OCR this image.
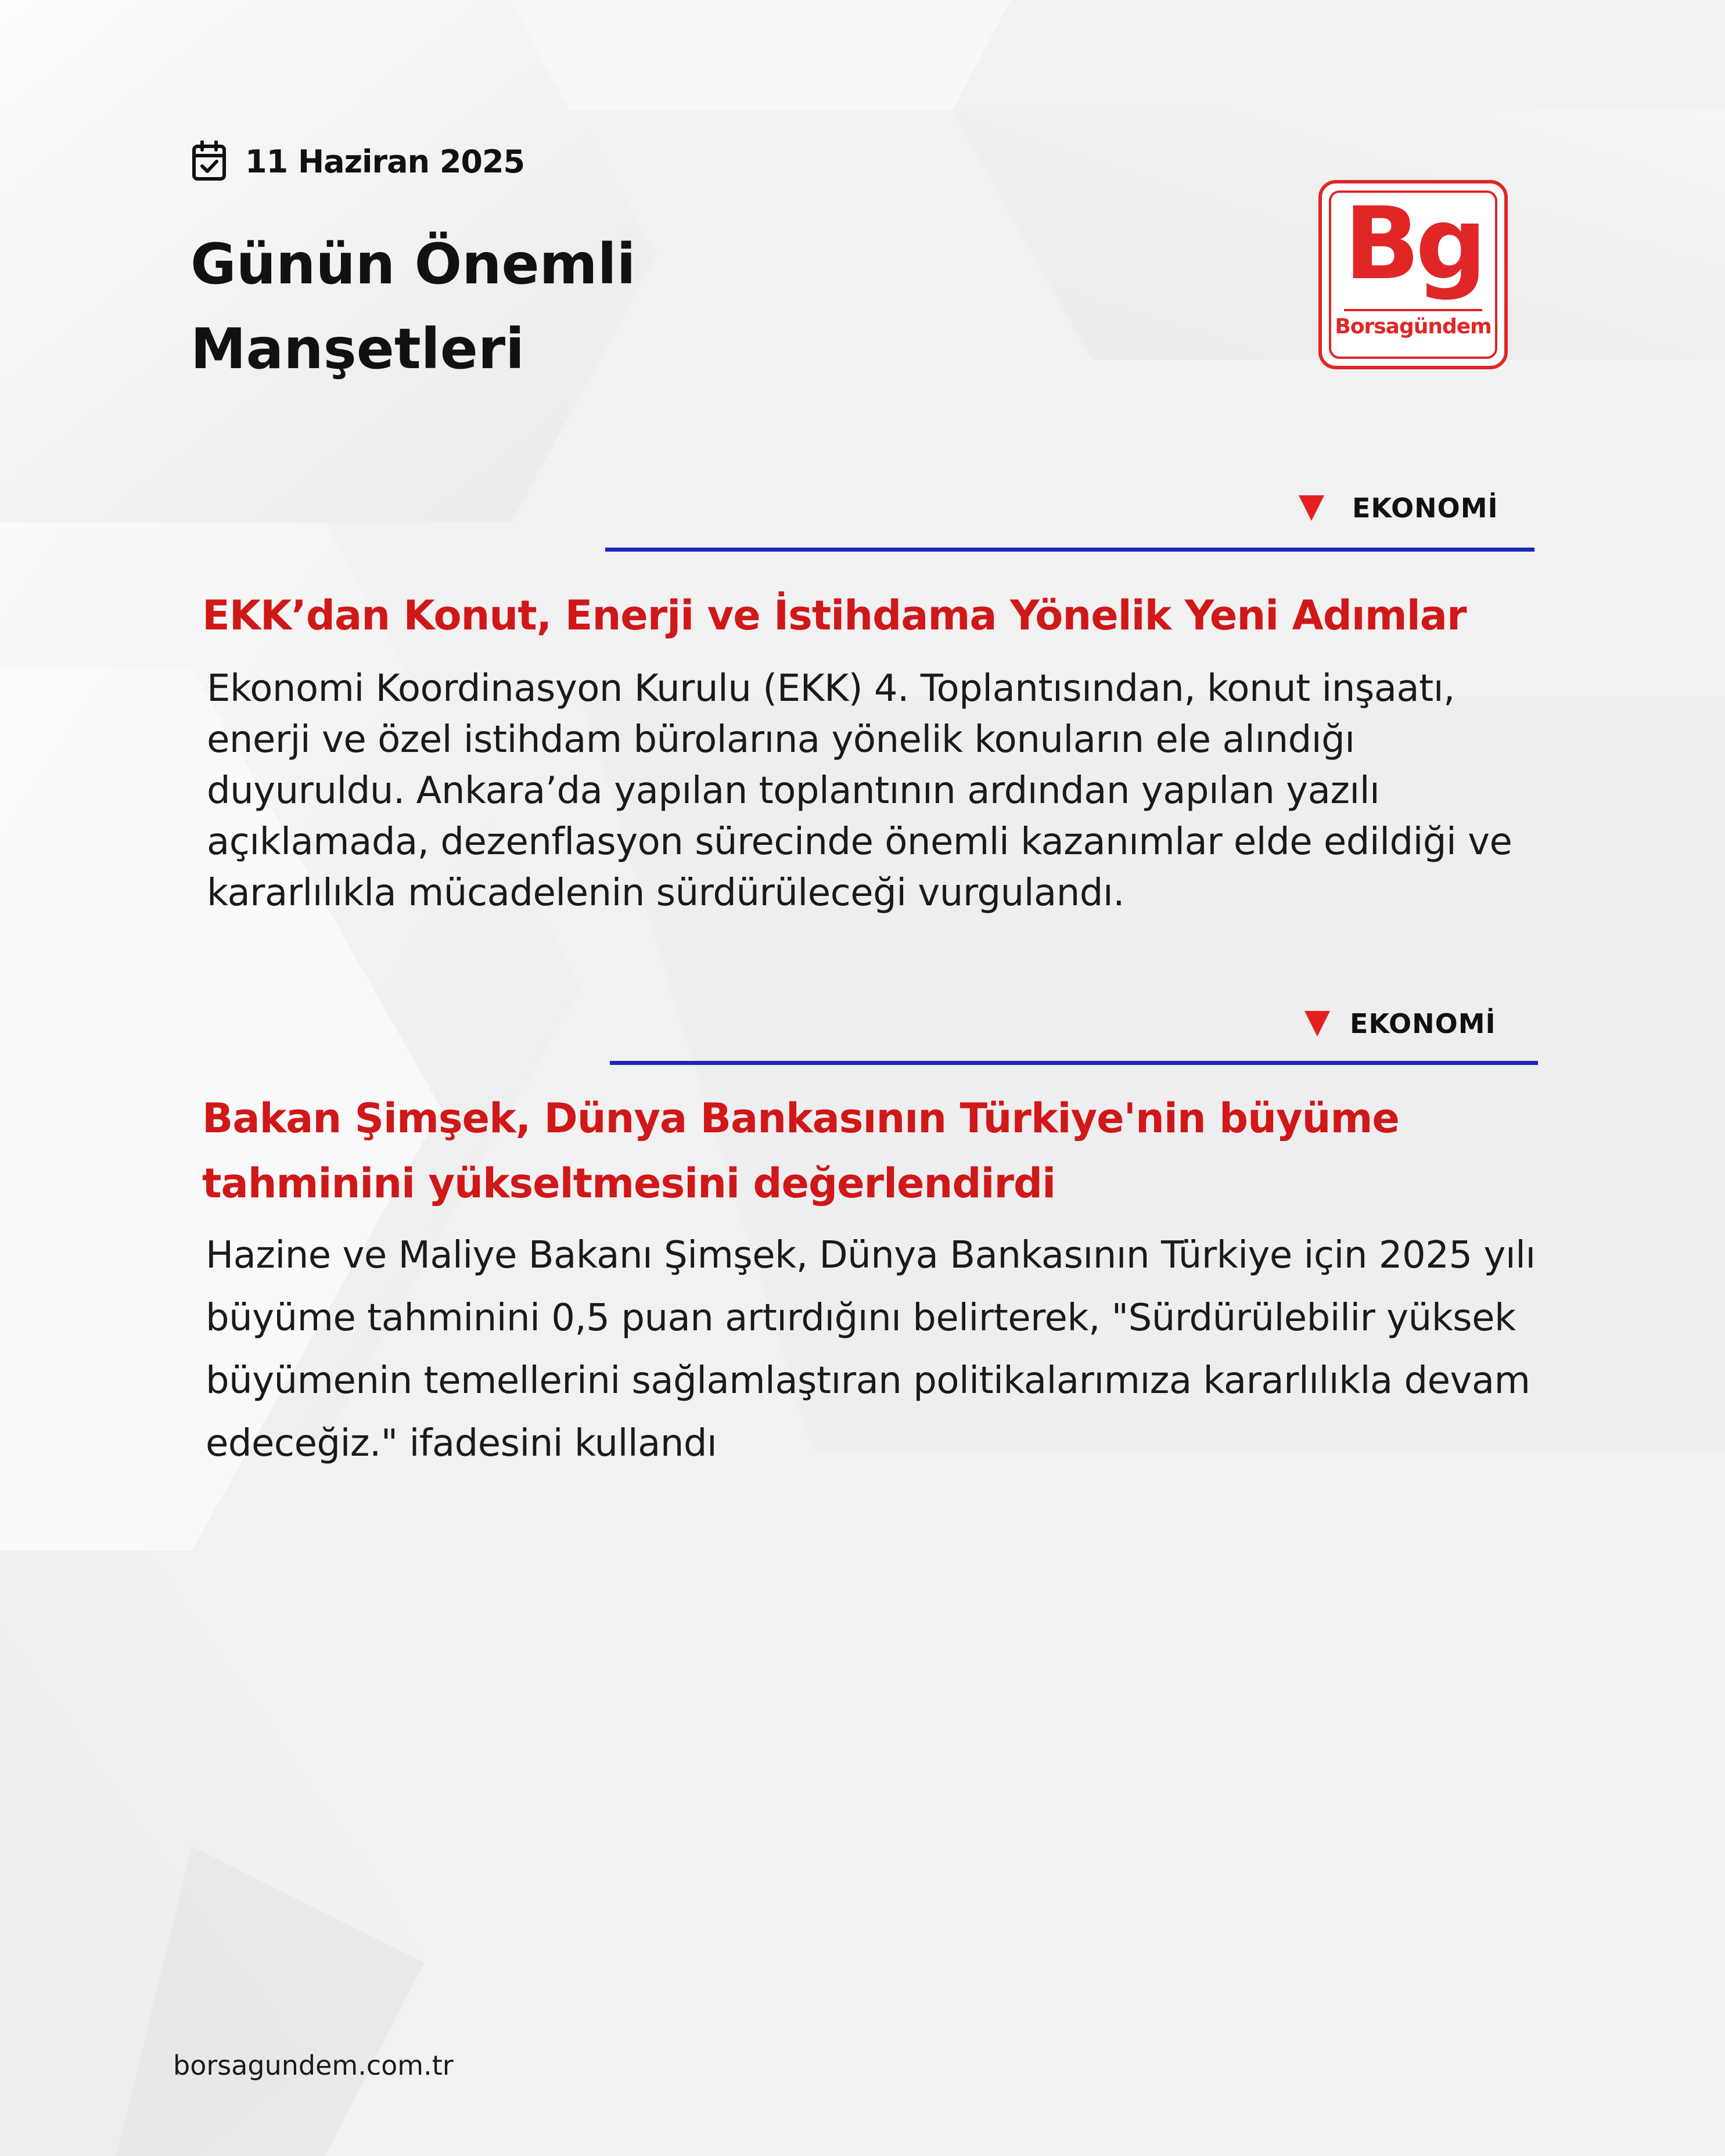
11 Haziran 2025
Günün Önemli Manşetleri
Bg
Borsagündem
EKONOMİ
EKK’dan Konut, Enerji ve İstihdama Yönelik Yeni Adımlar

Ekonomi Koordinasyon Kurulu (EKK) 4. Toplantısından, konut inşaatı, enerji ve özel istihdam bürolarına yönelik konuların ele alındığı duyuruldu. Ankara’da yapılan toplantının ardından yapılan yazılı açıklamada, dezenflasyon sürecinde önemli kazanımlar elde edildiği ve kararlılıkla mücadelenin sürdürüleceği vurgulandı.

EKONOMİ
Bakan Şimşek, Dünya Bankasının Türkiye'nin büyüme tahminini yükseltmesini değerlendirdi

Hazine ve Maliye Bakanı Şimşek, Dünya Bankasının Türkiye için 2025 yılı büyüme tahminini 0,5 puan artırdığını belirterek, "Sürdürülebilir yüksek büyümenin temellerini sağlamlaştıran politikalarımıza kararlılıkla devam edeceğiz." ifadesini kullandı

borsagundem.com.tr
